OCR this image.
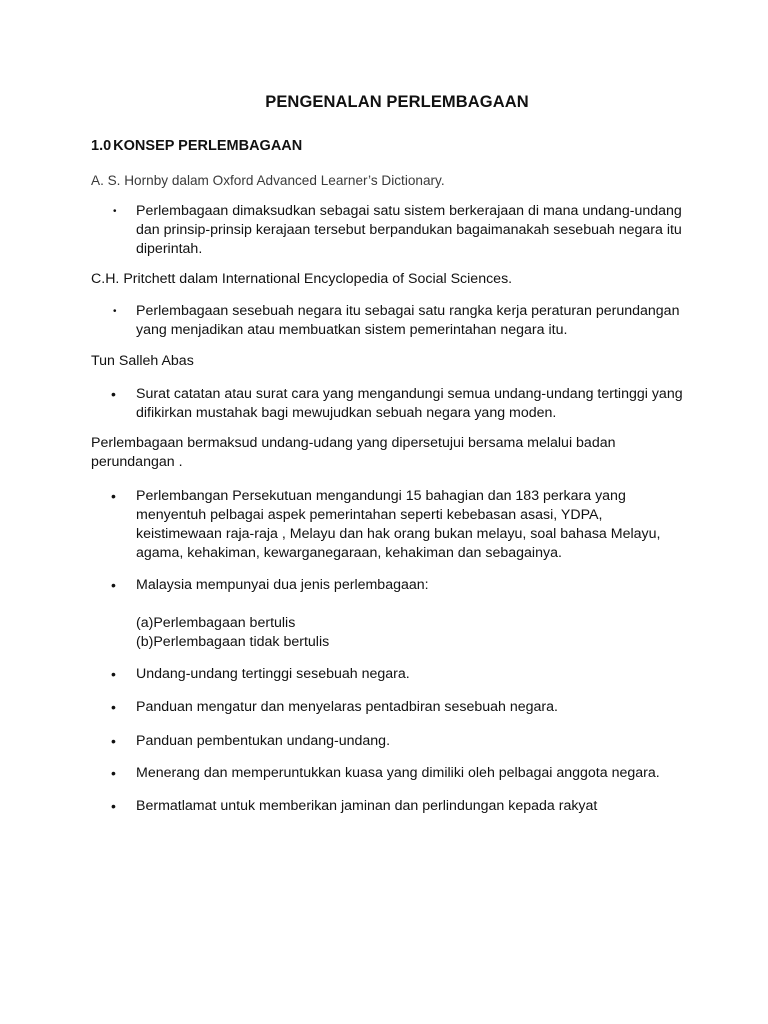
PENGENALAN PERLEMBAGAAN
1.0 KONSEP PERLEMBAGAAN
A. S. Hornby dalam Oxford Advanced Learner’s Dictionary.
• Perlembagaan dimaksudkan sebagai satu sistem berkerajaan di mana undang-undang
dan prinsip-prinsip kerajaan tersebut berpandukan bagaimanakah sesebuah negara itu
diperintah.
C.H. Pritchett dalam International Encyclopedia of Social Sciences.
• Perlembagaan sesebuah negara itu sebagai satu rangka kerja peraturan perundangan
yang menjadikan atau membuatkan sistem pemerintahan negara itu.
Tun Salleh Abas
• Surat catatan atau surat cara yang mengandungi semua undang-undang tertinggi yang
difikirkan mustahak bagi mewujudkan sebuah negara yang moden.
Perlembagaan bermaksud undang-udang yang dipersetujui bersama melalui badan
perundangan .
• Perlembangan Persekutuan mengandungi 15 bahagian dan 183 perkara yang
menyentuh pelbagai aspek pemerintahan seperti kebebasan asasi, YDPA,
keistimewaan raja-raja , Melayu dan hak orang bukan melayu, soal bahasa Melayu,
agama, kehakiman, kewarganegaraan, kehakiman dan sebagainya.
• Malaysia mempunyai dua jenis perlembagaan:
(a)Perlembagaan bertulis
(b)Perlembagaan tidak bertulis
• Undang-undang tertinggi sesebuah negara.
• Panduan mengatur dan menyelaras pentadbiran sesebuah negara.
• Panduan pembentukan undang-undang.
• Menerang dan memperuntukkan kuasa yang dimiliki oleh pelbagai anggota negara.
• Bermatlamat untuk memberikan jaminan dan perlindungan kepada rakyat
